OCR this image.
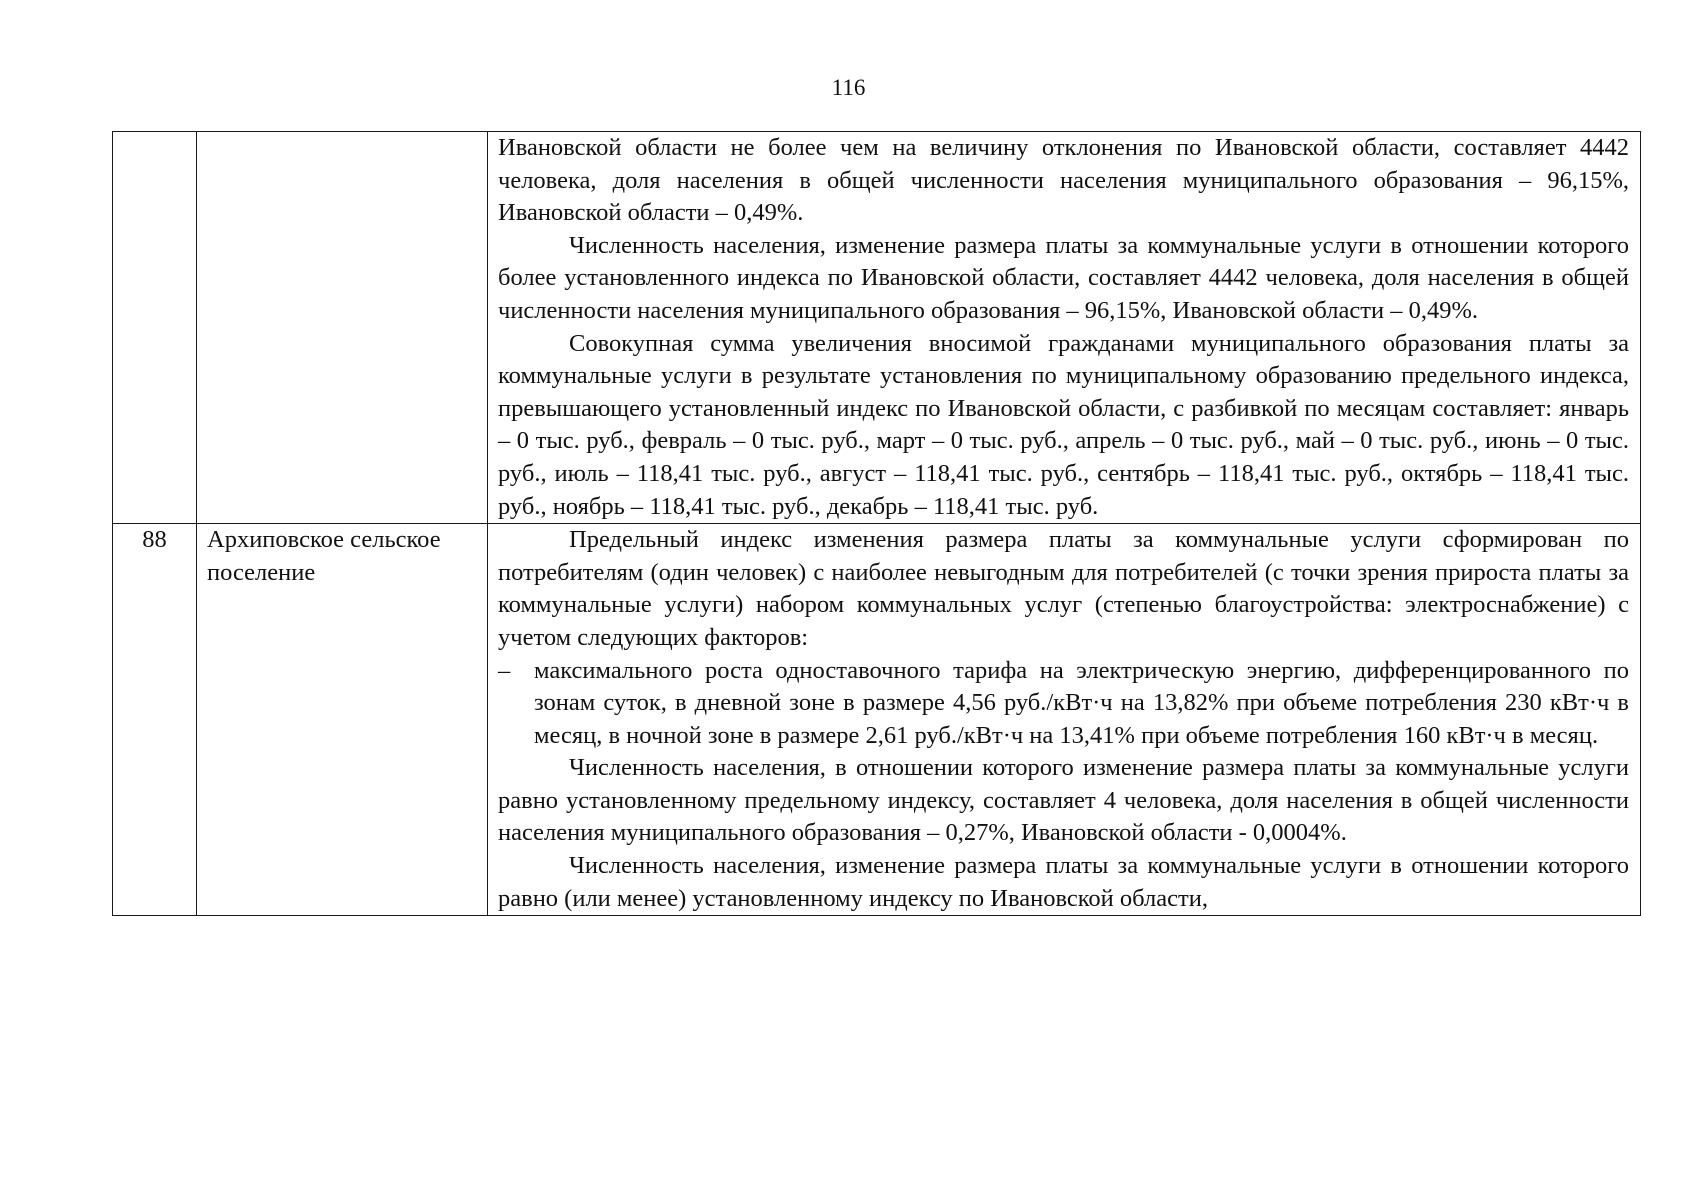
116

		Ивановской области не более чем на величину отклонения по Ивановской области, составляет 4442 человека, доля населения в общей численности населения муниципального образования – 96,15%, Ивановской области – 0,49%.

Численность населения, изменение размера платы за коммунальные услуги в отношении которого более установленного индекса по Ивановской области, составляет 4442 человека, доля населения в общей численности населения муниципального образования – 96,15%, Ивановской области – 0,49%.

Совокупная сумма увеличения вносимой гражданами муниципального образования платы за коммунальные услуги в результате установления по муниципальному образованию предельного индекса, превышающего установленный индекс по Ивановской области, с разбивкой по месяцам составляет: январь – 0 тыс. руб., февраль – 0 тыс. руб., март – 0 тыс. руб., апрель – 0 тыс. руб., май – 0 тыс. руб., июнь – 0 тыс. руб., июль – 118,41 тыс. руб., август – 118,41 тыс. руб., сентябрь – 118,41 тыс. руб., октябрь – 118,41 тыс. руб., ноябрь – 118,41 тыс. руб., декабрь – 118,41 тыс. руб.

88	Архиповское сельское поселение	Предельный индекс изменения размера платы за коммунальные услуги сформирован по потребителям (один человек) с наиболее невыгодным для потребителей (с точки зрения прироста платы за коммунальные услуги) набором коммунальных услуг (степенью благоустройства: электроснабжение) с учетом следующих факторов:

– максимального роста одноставочного тарифа на электрическую энергию, дифференцированного по зонам суток, в дневной зоне в размере 4,56 руб./кВт·ч на 13,82% при объеме потребления 230 кВт·ч в месяц, в ночной зоне в размере 2,61 руб./кВт·ч на 13,41% при объеме потребления 160 кВт·ч в месяц.

Численность населения, в отношении которого изменение размера платы за коммунальные услуги равно установленному предельному индексу, составляет 4 человека, доля населения в общей численности населения муниципального образования – 0,27%, Ивановской области - 0,0004%.

Численность населения, изменение размера платы за коммунальные услуги в отношении которого равно (или менее) установленному индексу по Ивановской области,
